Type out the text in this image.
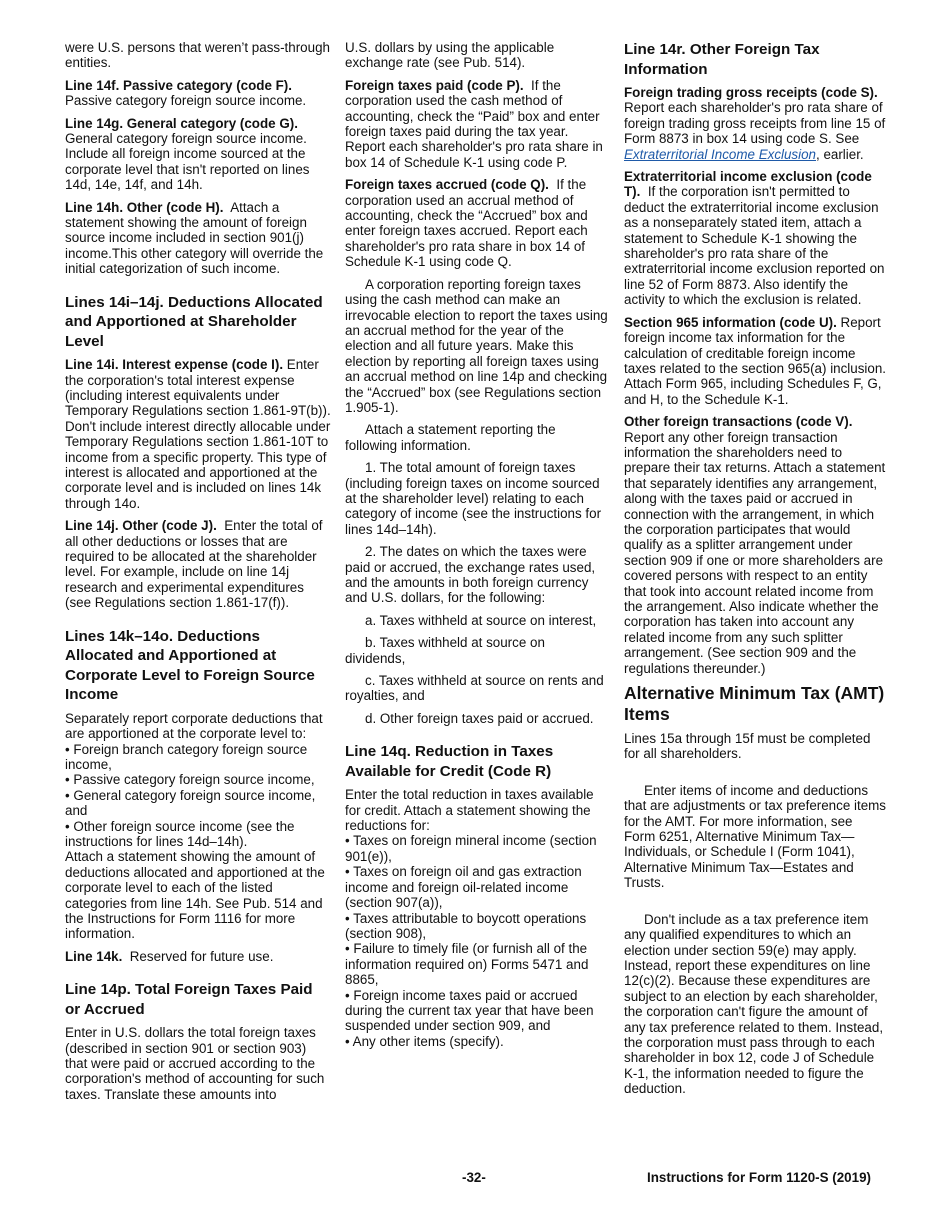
were U.S. persons that weren’t pass-through entities.

Line 14f. Passive category (code F). Passive category foreign source income.

Line 14g. General category (code G). General category foreign source income. Include all foreign income sourced at the corporate level that isn't reported on lines 14d, 14e, 14f, and 14h.

Line 14h. Other (code H). Attach a statement showing the amount of foreign source income included in section 901(j) income.This other category will override the initial categorization of such income.

Lines 14i–14j. Deductions Allocated and Apportioned at Shareholder Level

Line 14i. Interest expense (code I). Enter the corporation's total interest expense (including interest equivalents under Temporary Regulations section 1.861-9T(b)). Don't include interest directly allocable under Temporary Regulations section 1.861-10T to income from a specific property. This type of interest is allocated and apportioned at the corporate level and is included on lines 14k through 14o.

Line 14j. Other (code J). Enter the total of all other deductions or losses that are required to be allocated at the shareholder level. For example, include on line 14j research and experimental expenditures (see Regulations section 1.861-17(f)).

Lines 14k–14o. Deductions Allocated and Apportioned at Corporate Level to Foreign Source Income

Separately report corporate deductions that are apportioned at the corporate level to:

• Foreign branch category foreign source income,

• Passive category foreign source income,

• General category foreign source income, and

• Other foreign source income (see the instructions for lines 14d–14h).

Attach a statement showing the amount of deductions allocated and apportioned at the corporate level to each of the listed categories from line 14h. See Pub. 514 and the Instructions for Form 1116 for more information.

Line 14k. Reserved for future use.

Line 14p. Total Foreign Taxes Paid or Accrued

Enter in U.S. dollars the total foreign taxes (described in section 901 or section 903) that were paid or accrued according to the corporation's method of accounting for such taxes. Translate these amounts into

U.S. dollars by using the applicable exchange rate (see Pub. 514).

Foreign taxes paid (code P). If the corporation used the cash method of accounting, check the “Paid” box and enter foreign taxes paid during the tax year. Report each shareholder's pro rata share in box 14 of Schedule K-1 using code P.

Foreign taxes accrued (code Q). If the corporation used an accrual method of accounting, check the “Accrued” box and enter foreign taxes accrued. Report each shareholder's pro rata share in box 14 of Schedule K-1 using code Q.

A corporation reporting foreign taxes using the cash method can make an irrevocable election to report the taxes using an accrual method for the year of the election and all future years. Make this election by reporting all foreign taxes using an accrual method on line 14p and checking the “Accrued” box (see Regulations section 1.905-1).

Attach a statement reporting the following information.

1. The total amount of foreign taxes (including foreign taxes on income sourced at the shareholder level) relating to each category of income (see the instructions for lines 14d–14h).

2. The dates on which the taxes were paid or accrued, the exchange rates used, and the amounts in both foreign currency and U.S. dollars, for the following:

a. Taxes withheld at source on interest,

b. Taxes withheld at source on dividends,

c. Taxes withheld at source on rents and royalties, and

d. Other foreign taxes paid or accrued.

Line 14q. Reduction in Taxes Available for Credit (Code R)

Enter the total reduction in taxes available for credit. Attach a statement showing the reductions for:

• Taxes on foreign mineral income (section 901(e)),

• Taxes on foreign oil and gas extraction income and foreign oil-related income (section 907(a)),

• Taxes attributable to boycott operations (section 908),

• Failure to timely file (or furnish all of the information required on) Forms 5471 and 8865,

• Foreign income taxes paid or accrued during the current tax year that have been suspended under section 909, and

• Any other items (specify).

Line 14r. Other Foreign Tax Information

Foreign trading gross receipts (code S).  Report each shareholder's pro rata share of foreign trading gross receipts from line 15 of Form 8873 in box 14 using code S. See Extraterritorial Income Exclusion, earlier.

Extraterritorial income exclusion (code T). If the corporation isn't permitted to deduct the extraterritorial income exclusion as a nonseparately stated item, attach a statement to Schedule K-1 showing the shareholder's pro rata share of the extraterritorial income exclusion reported on line 52 of Form 8873. Also identify the activity to which the exclusion is related.

Section 965 information (code U). Report foreign income tax information for the calculation of creditable foreign income taxes related to the section 965(a) inclusion. Attach Form 965, including Schedules F, G, and H, to the Schedule K-1.

Other foreign transactions (code V). Report any other foreign transaction information the shareholders need to prepare their tax returns. Attach a statement that separately identifies any arrangement, along with the taxes paid or accrued in connection with the arrangement, in which the corporation participates that would qualify as a splitter arrangement under section 909 if one or more shareholders are covered persons with respect to an entity that took into account related income from the arrangement. Also indicate whether the corporation has taken into account any related income from any such splitter arrangement. (See section 909 and the regulations thereunder.)

Alternative Minimum Tax (AMT) Items

Lines 15a through 15f must be completed for all shareholders.

Enter items of income and deductions that are adjustments or tax preference items for the AMT. For more information, see Form 6251, Alternative Minimum Tax—Individuals, or Schedule I (Form 1041), Alternative Minimum Tax—Estates and Trusts.

Don't include as a tax preference item any qualified expenditures to which an election under section 59(e) may apply. Instead, report these expenditures on line 12(c)(2). Because these expenditures are subject to an election by each shareholder, the corporation can't figure the amount of any tax preference related to them. Instead, the corporation must pass through to each shareholder in box 12, code J of Schedule K-1, the information needed to figure the deduction.

-32-	Instructions for Form 1120-S (2019)
